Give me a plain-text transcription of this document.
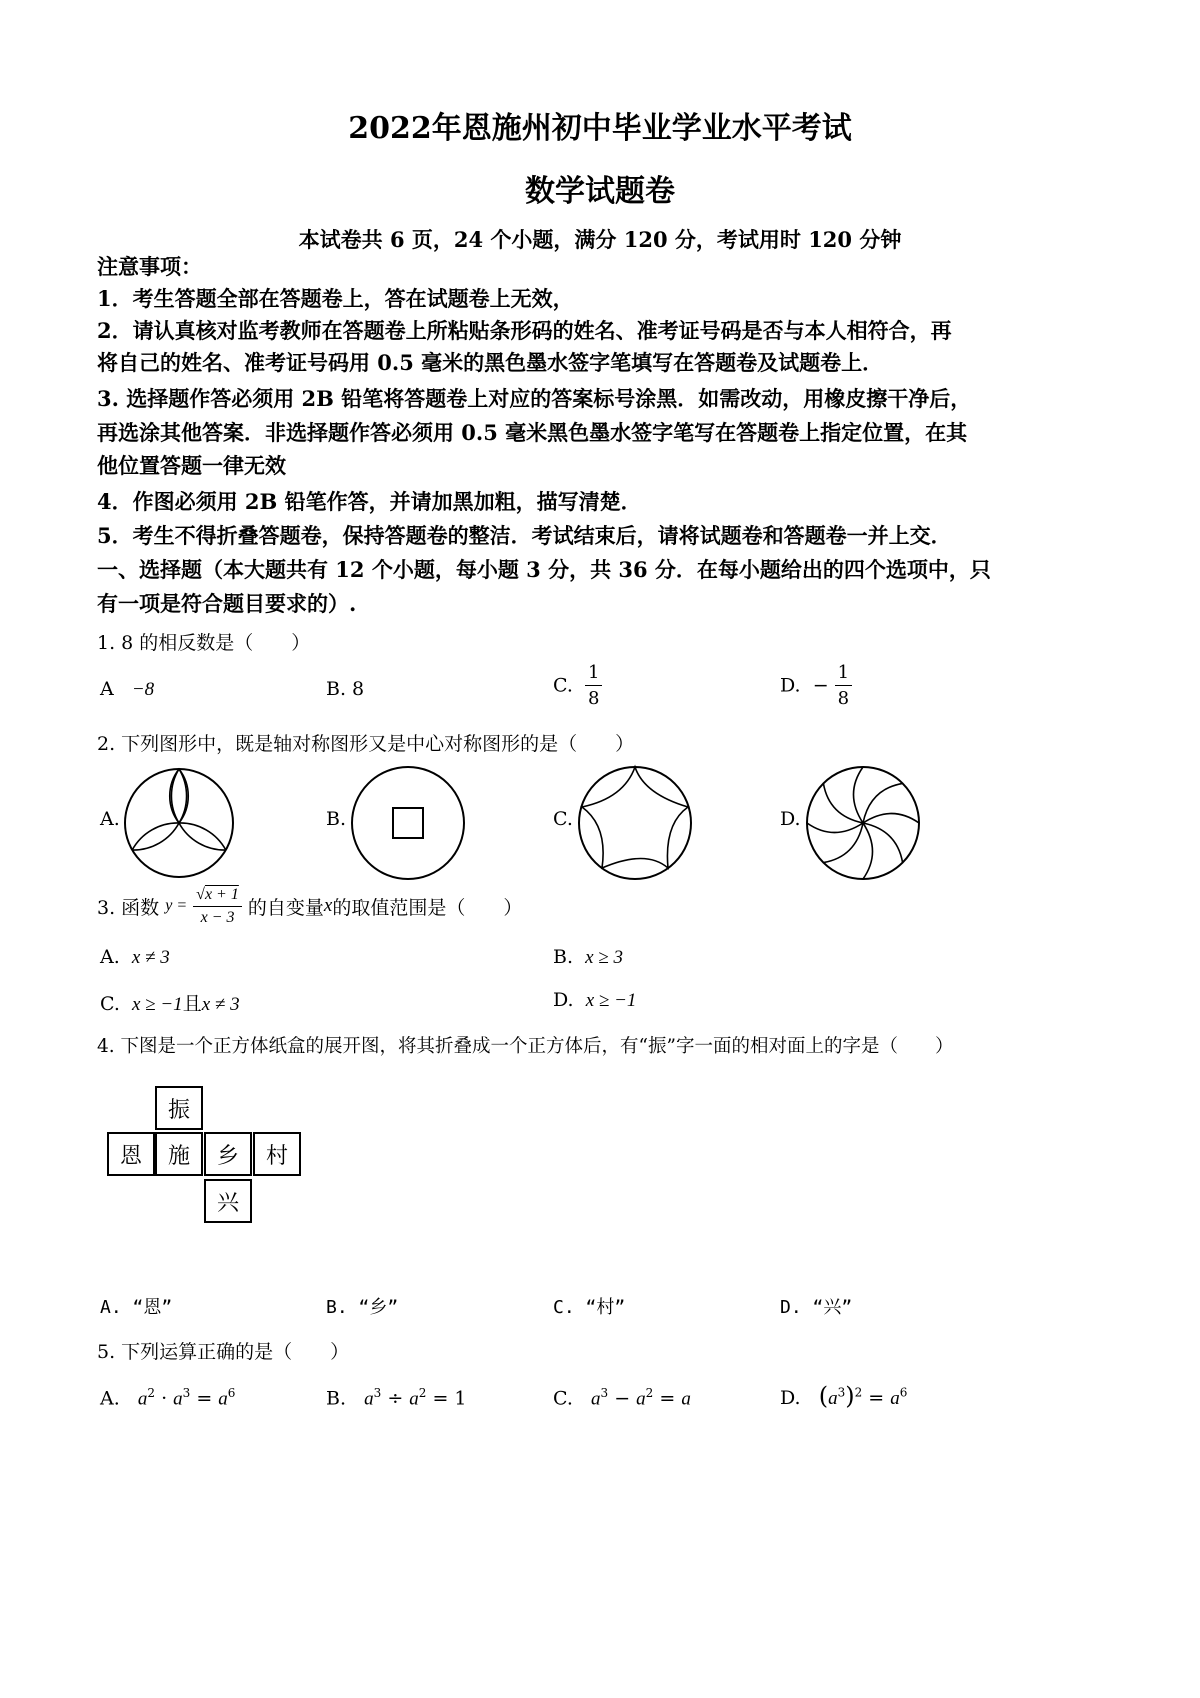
2022年恩施州初中毕业学业水平考试
数学试题卷
本试卷共 6 页，24 个小题，满分 120 分，考试用时 120 分钟
注意事项：
1．考生答题全部在答题卷上，答在试题卷上无效，
2．请认真核对监考教师在答题卷上所粘贴条形码的姓名、准考证号码是否与本人相符合，再
将自己的姓名、准考证号码用 0.5 毫米的黑色墨水签字笔填写在答题卷及试题卷上．
3. 选择题作答必须用 2B 铅笔将答题卷上对应的答案标号涂黑．如需改动，用橡皮擦干净后，
再选涂其他答案．非选择题作答必须用 0.5 毫米黑色墨水签字笔写在答题卷上指定位置，在其
他位置答题一律无效
4．作图必须用 2B 铅笔作答，并请加黑加粗，描写清楚．
5．考生不得折叠答题卷，保持答题卷的整洁．考试结束后，请将试题卷和答题卷一并上交．
一、选择题（本大题共有 12 个小题，每小题 3 分，共 36 分．在每小题给出的四个选项中，只
有一项是符合题目要求的）.
1. 8 的相反数是（　　）
A −8	B. 8	C. $\frac{1}{8}$	D. − $\frac{1}{8}$
2. 下列图形中，既是轴对称图形又是中心对称图形的是（　　）
A.	B.	C.	D.
3. 函数
y =
$\frac{√x + 1}{x - 3}$
的自变量 x 的取值范围是（　　）
A. x ≠ 3	B. x ≥ 3
C. x ≥ −1且x ≠ 3	D. x ≥ −1
4. 下图是一个正方体纸盒的展开图，将其折叠成一个正方体后，有“振”字一面的相对面上的字是（　　）
振
恩	施	乡	村
兴
A. “恩”	B. “乡”	C. “村”	D. “兴”
5. 下列运算正确的是（　　）
A. $a^2 \cdot a^3 = a^6$	B. $a^3 \div a^2 = 1$	C. $a^3 - a^2 = a$	D. $(a^3)^2 = a^6$
